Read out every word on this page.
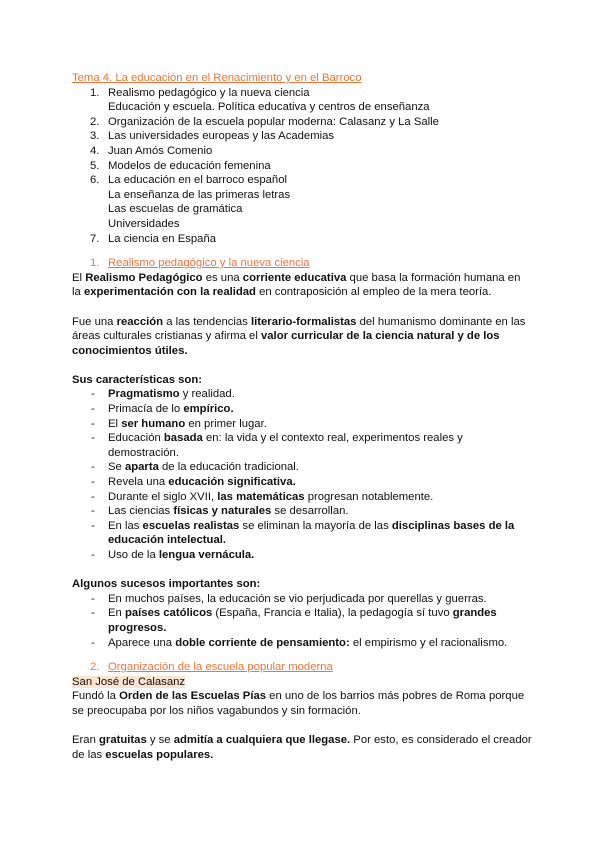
Tema 4. La educación en el Renacimiento y en el Barroco
1. Realismo pedagógico y la nueva ciencia
Educación y escuela. Política educativa y centros de enseñanza
2. Organización de la escuela popular moderna: Calasanz y La Salle
3. Las universidades europeas y las Academias
4. Juan Amós Comenio
5. Modelos de educación femenina
6. La educación en el barroco español
La enseñanza de las primeras letras
Las escuelas de gramática
Universidades
7. La ciencia en España
1. Realismo pedagógico y la nueva ciencia

El Realismo Pedagógico es una corriente educativa que basa la formación humana en la experimentación con la realidad en contraposición al empleo de la mera teoría.

Fue una reacción a las tendencias literario-formalistas del humanismo dominante en las áreas culturales cristianas y afirma el valor curricular de la ciencia natural y de los conocimientos útiles.

Sus características son:

- Pragmatismo y realidad.
- Primacía de lo empírico.
- El ser humano en primer lugar.
- Educación basada en: la vida y el contexto real, experimentos reales y demostración.
- Se aparta de la educación tradicional.
- Revela una educación significativa.
- Durante el siglo XVII, las matemáticas progresan notablemente.
- Las ciencias físicas y naturales se desarrollan.
- En las escuelas realistas se eliminan la mayoría de las disciplinas bases de la educación intelectual.
- Uso de la lengua vernácula.

Algunos sucesos importantes son:

- En muchos países, la educación se vio perjudicada por querellas y guerras.
- En países católicos (España, Francia e Italia), la pedagogía sí tuvo grandes progresos.
- Aparece una doble corriente de pensamiento: el empirismo y el racionalismo.
2. Organización de la escuela popular moderna
San José de Calasanz

Fundó la Orden de las Escuelas Pías en uno de los barrios más pobres de Roma porque se preocupaba por los niños vagabundos y sin formación.

Eran gratuitas y se admitía a cualquiera que llegase. Por esto, es considerado el creador de las escuelas populares.
